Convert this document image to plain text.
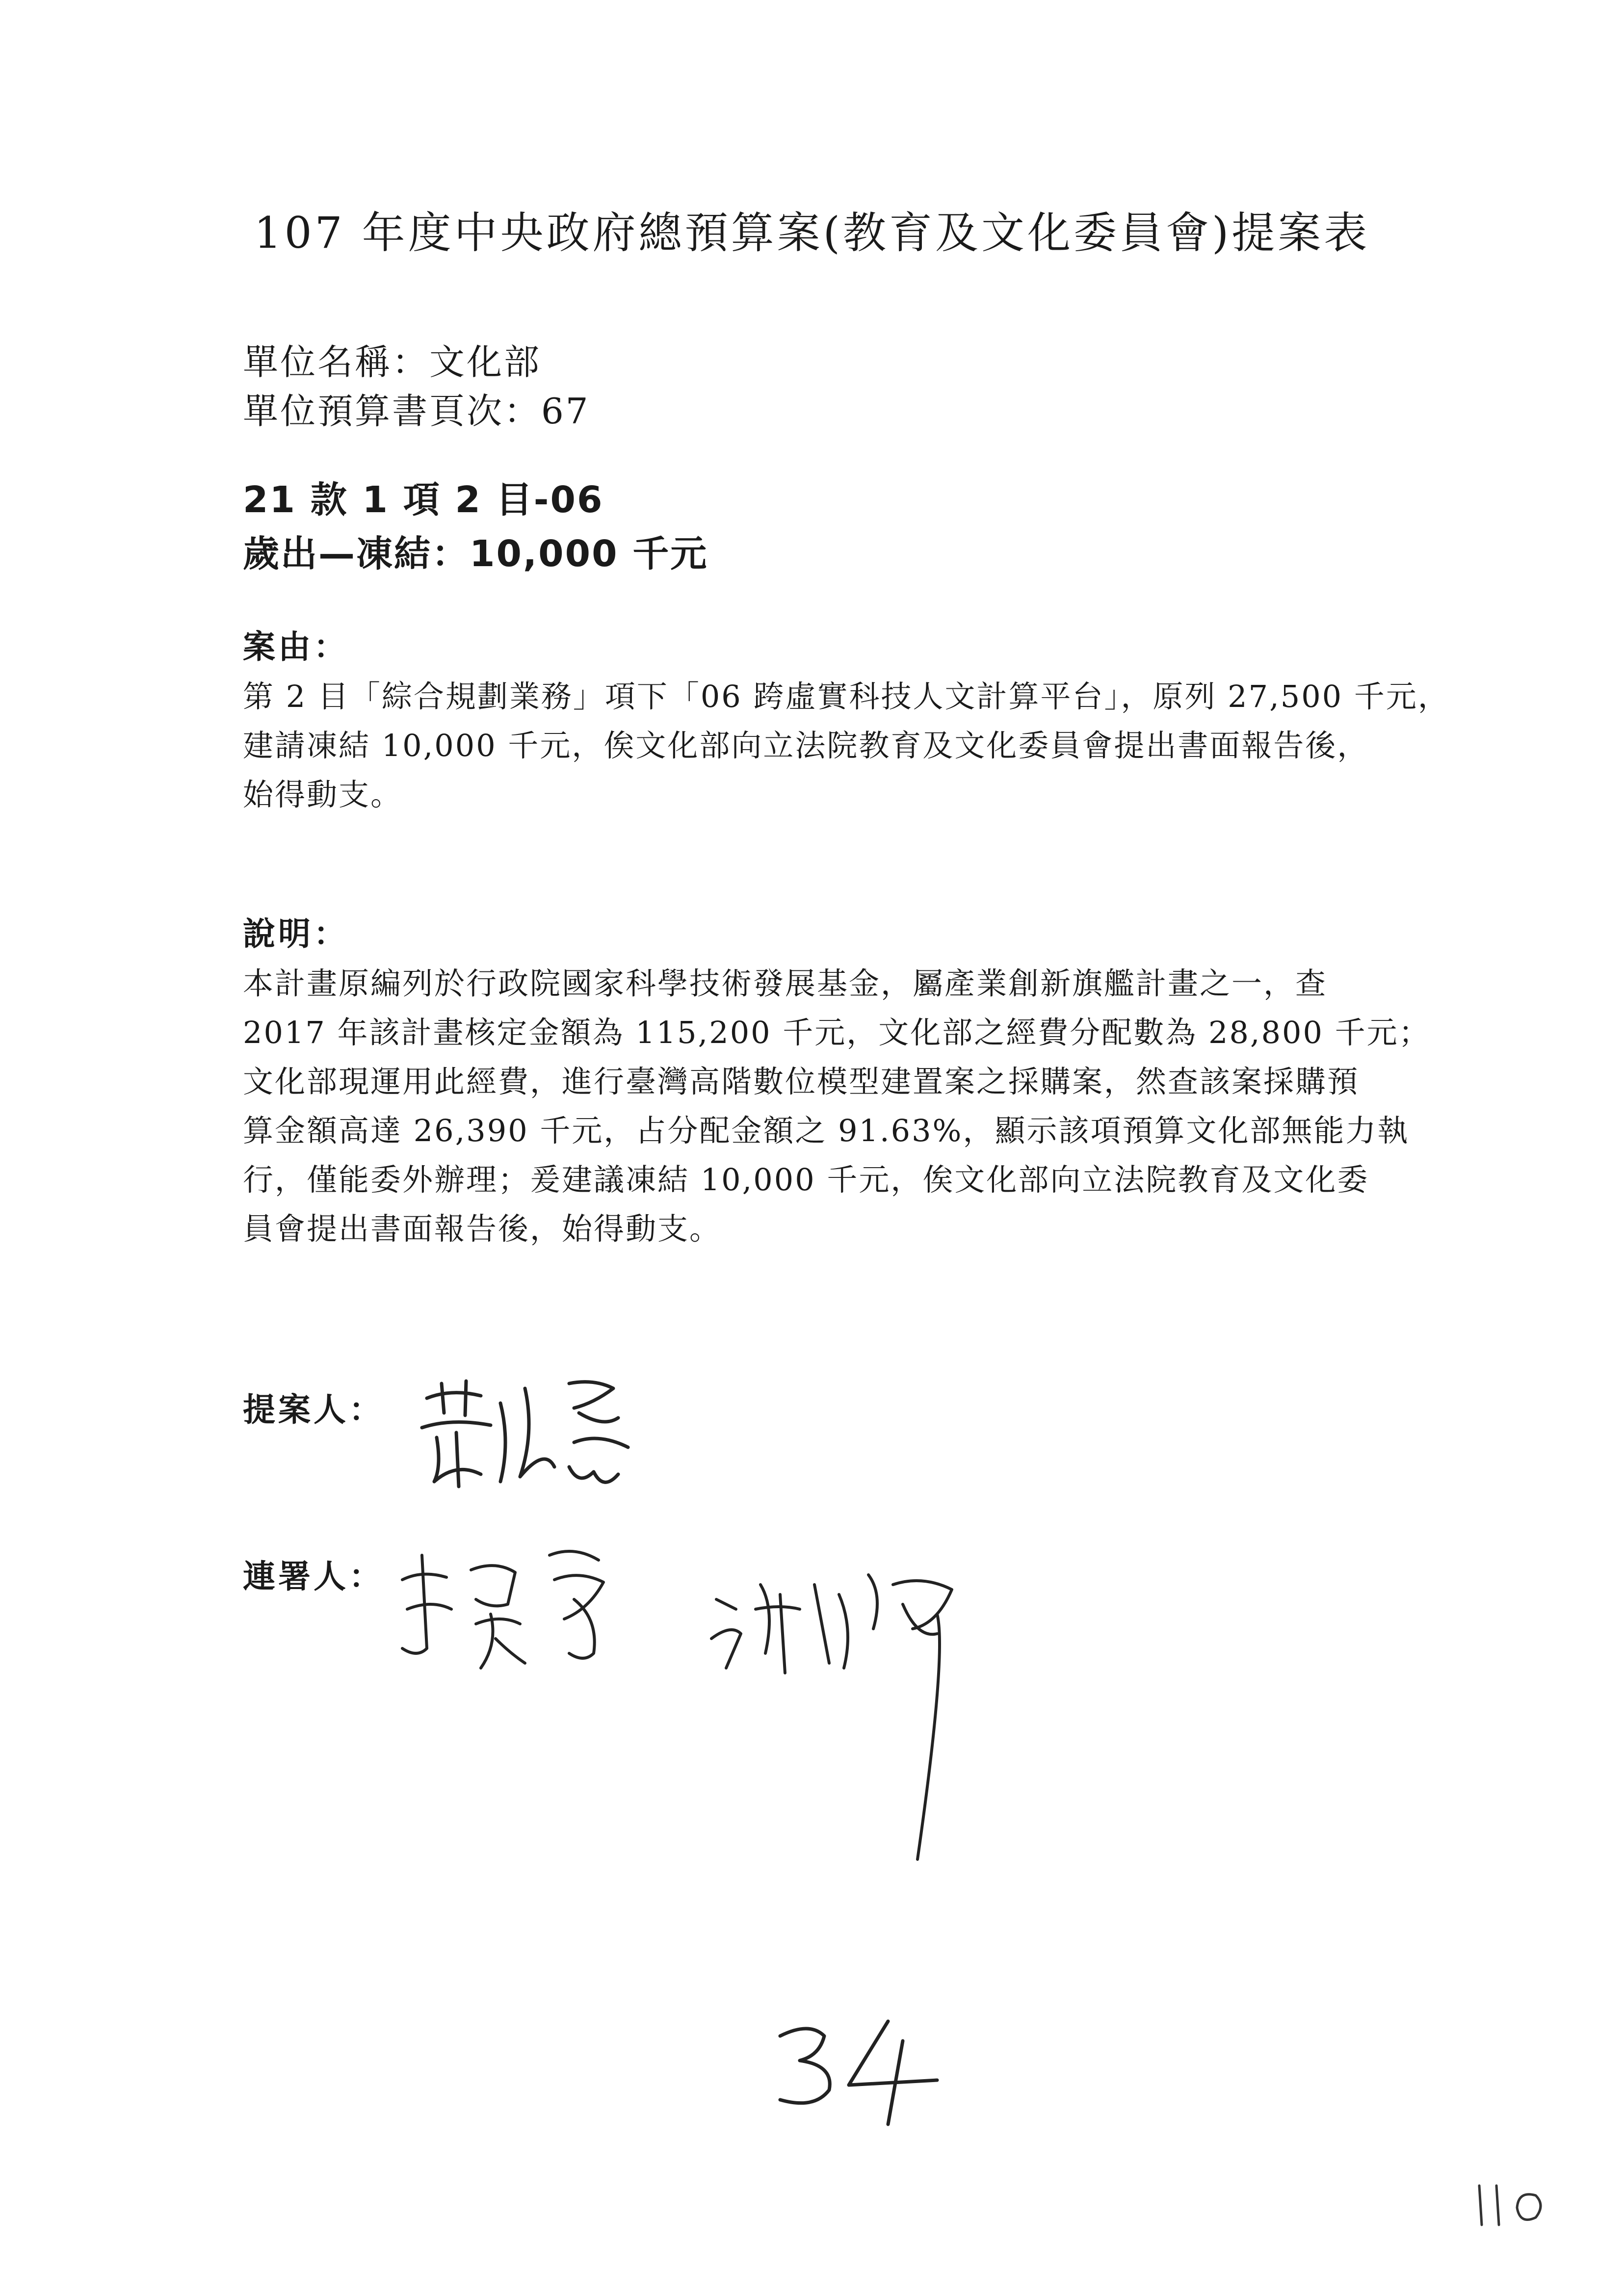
107 年度中央政府總預算案(教育及文化委員會)提案表
單位名稱：文化部
單位預算書頁次：67
21 款 1 項 2 目-06
歲出—凍結：10,000 千元
案由：

第 2 目「綜合規劃業務」項下「06 跨虛實科技人文計算平台」，原列 27,500 千元，

建請凍結 10,000 千元，俟文化部向立法院教育及文化委員會提出書面報告後，

始得動支。

說明：

本計畫原編列於行政院國家科學技術發展基金，屬產業創新旗艦計畫之一，查

2017 年該計畫核定金額為 115,200 千元，文化部之經費分配數為 28,800 千元；

文化部現運用此經費，進行臺灣高階數位模型建置案之採購案，然查該案採購預

算金額高達 26,390 千元，占分配金額之 91.63%，顯示該項預算文化部無能力執

行，僅能委外辦理；爰建議凍結 10,000 千元，俟文化部向立法院教育及文化委

員會提出書面報告後，始得動支。

提案人：
連署人：
